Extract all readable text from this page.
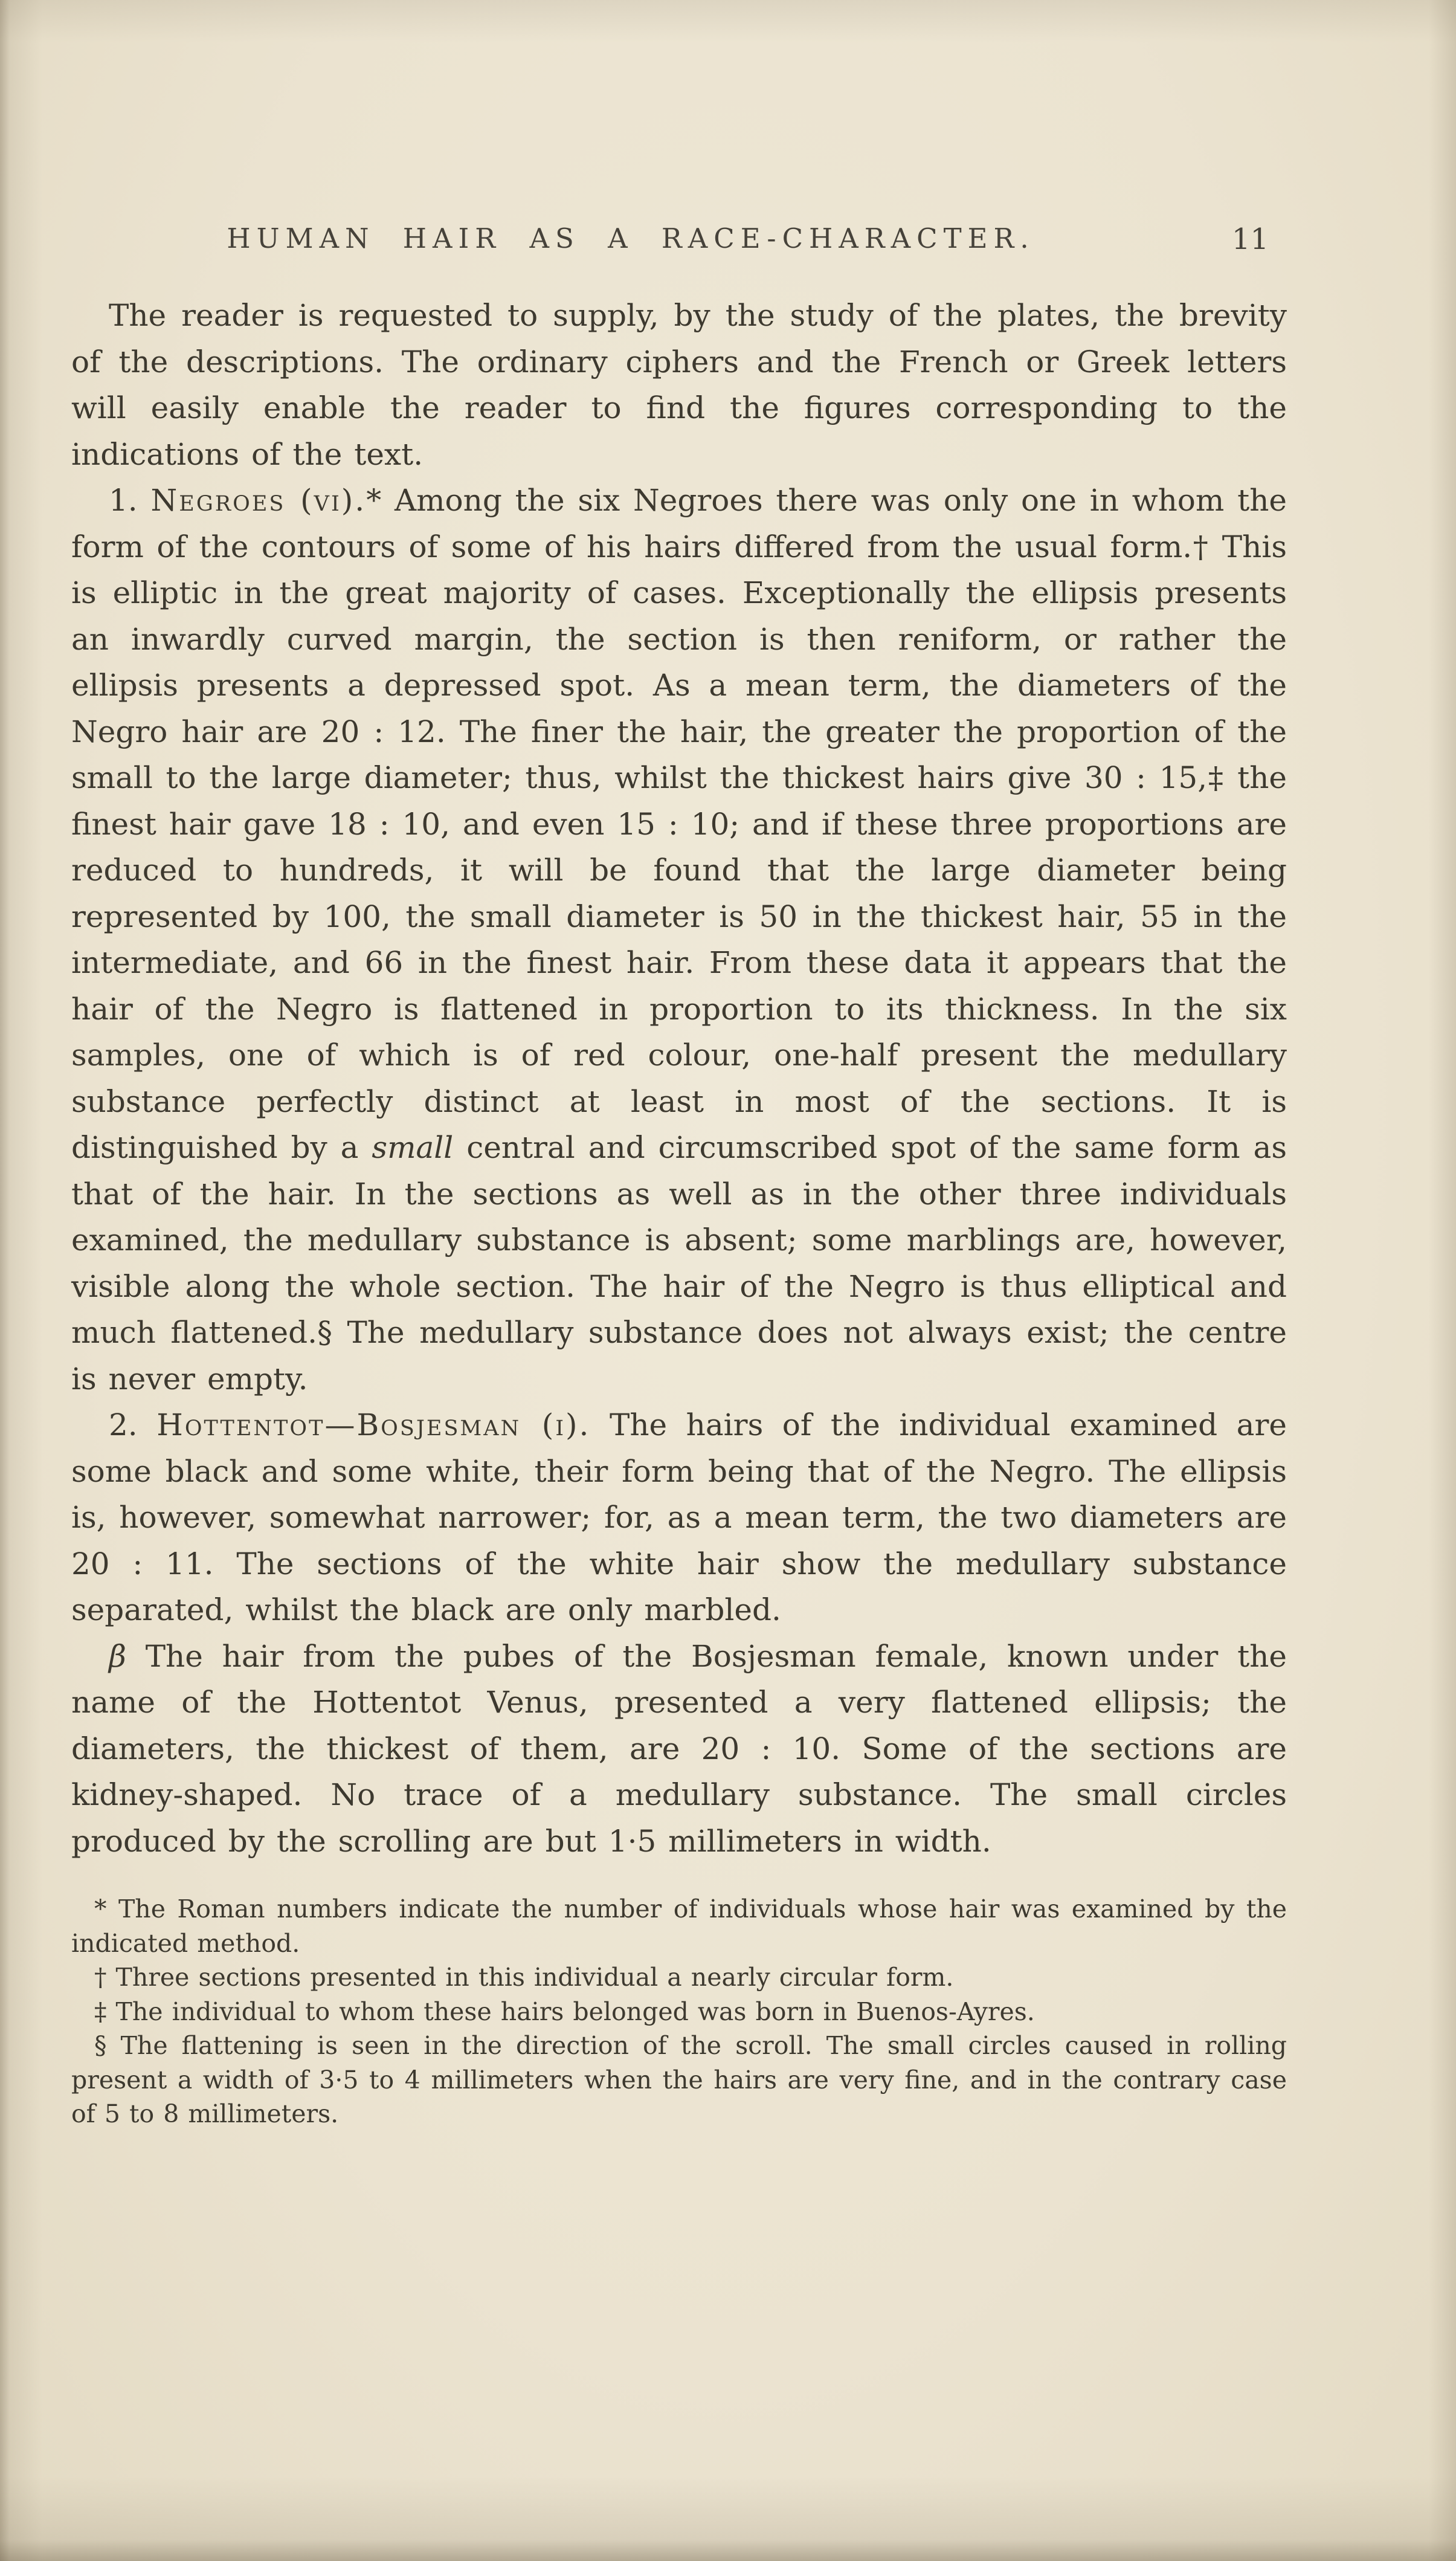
HUMAN HAIR AS A RACE-CHARACTER.	11

The reader is requested to supply, by the study of the plates, the brevity of the descriptions. The ordinary ciphers and the French or Greek letters will easily enable the reader to find the figures corresponding to the indications of the text.

1. Negroes (vi).* Among the six Negroes there was only one in whom the form of the contours of some of his hairs differed from the usual form.† This is elliptic in the great majority of cases. Exceptionally the ellipsis presents an inwardly curved margin, the section is then reniform, or rather the ellipsis presents a depressed spot. As a mean term, the diameters of the Negro hair are 20 : 12. The finer the hair, the greater the proportion of the small to the large diameter; thus, whilst the thickest hairs give 30 : 15,‡ the finest hair gave 18 : 10, and even 15 : 10; and if these three proportions are reduced to hundreds, it will be found that the large diameter being represented by 100, the small diameter is 50 in the thickest hair, 55 in the intermediate, and 66 in the finest hair. From these data it appears that the hair of the Negro is flattened in proportion to its thickness. In the six samples, one of which is of red colour, one-half present the medullary substance perfectly distinct at least in most of the sections. It is distinguished by a small central and circumscribed spot of the same form as that of the hair. In the sections as well as in the other three individuals examined, the medullary substance is absent; some marblings are, however, visible along the whole section. The hair of the Negro is thus elliptical and much flattened.§ The medullary substance does not always exist; the centre is never empty.

2. Hottentot—Bosjesman (i). The hairs of the individual examined are some black and some white, their form being that of the Negro. The ellipsis is, however, somewhat narrower; for, as a mean term, the two diameters are 20 : 11. The sections of the white hair show the medullary substance separated, whilst the black are only marbled.

β The hair from the pubes of the Bosjesman female, known under the name of the Hottentot Venus, presented a very flattened ellipsis; the diameters, the thickest of them, are 20 : 10. Some of the sections are kidney-shaped. No trace of a medullary substance. The small circles produced by the scrolling are but 1·5 millimeters in width.

* The Roman numbers indicate the number of individuals whose hair was examined by the indicated method.

† Three sections presented in this individual a nearly circular form.

‡ The individual to whom these hairs belonged was born in Buenos-Ayres.

§ The flattening is seen in the direction of the scroll. The small circles caused in rolling present a width of 3·5 to 4 millimeters when the hairs are very fine, and in the contrary case of 5 to 8 millimeters.
